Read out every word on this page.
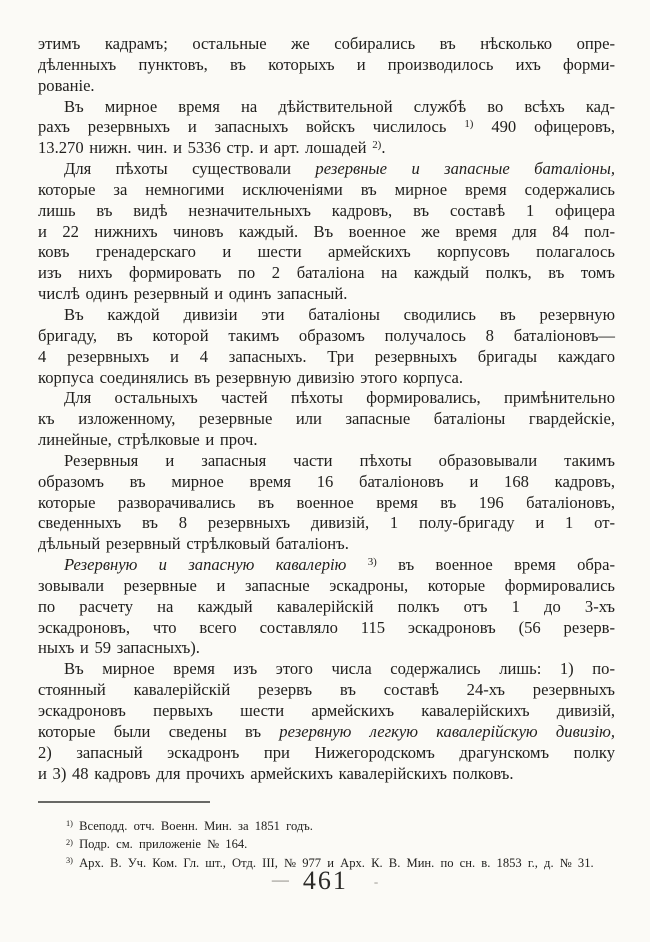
этимъ кадрамъ; остальные же собирались въ нѣсколько опре-
дѣленныхъ пунктовъ, въ которыхъ и производилось ихъ форми-
рованіе.
Въ мирное время на дѣйствительной службѣ во всѣхъ кад-
рахъ резервныхъ и запасныхъ войскъ числилось $^{1)}$ 490 офицеровъ,
13.270 нижн. чин. и 5336 стр. и арт. лошадей $^{2)}$.
Для пѣхоты существовали резервные и запасные баталіоны,
которые за немногими исключеніями въ мирное время содержались
лишь въ видѣ незначительныхъ кадровъ, въ составѣ 1 офицера
и 22 нижнихъ чиновъ каждый. Въ военное же время для 84 пол-
ковъ гренадерскаго и шести армейскихъ корпусовъ полагалось
изъ нихъ формировать по 2 баталіона на каждый полкъ, въ томъ
числѣ одинъ резервный и одинъ запасный.
Въ каждой дивизіи эти баталіоны сводились въ резервную
бригаду, въ которой такимъ образомъ получалось 8 баталіоновъ—
4 резервныхъ и 4 запасныхъ. Три резервныхъ бригады каждаго
корпуса соединялись въ резервную дивизію этого корпуса.
Для остальныхъ частей пѣхоты формировались, примѣнительно
къ изложенному, резервные или запасные баталіоны гвардейскіе,
линейные, стрѣлковые и проч.
Резервныя и запасныя части пѣхоты образовывали такимъ
образомъ въ мирное время 16 баталіоновъ и 168 кадровъ,
которые разворачивались въ военное время въ 196 баталіоновъ,
сведенныхъ въ 8 резервныхъ дивизій, 1 полу-бригаду и 1 от-
дѣльный резервный стрѣлковый баталіонъ.
Резервную и запасную кавалерію $^{3)}$ въ военное время обра-
зовывали резервные и запасные эскадроны, которые формировались
по расчету на каждый кавалерійскій полкъ отъ 1 до 3-хъ
эскадроновъ, что всего составляло 115 эскадроновъ (56 резерв-
ныхъ и 59 запасныхъ).
Въ мирное время изъ этого числа содержались лишь: 1) по-
стоянный кавалерійскій резервъ въ составѣ 24-хъ резервныхъ
эскадроновъ первыхъ шести армейскихъ кавалерійскихъ дивизій,
которые были сведены въ резервную легкую кавалерійскую дивизію,
2) запасный эскадронъ при Нижегородскомъ драгунскомъ полку
и 3) 48 кадровъ для прочихъ армейскихъ кавалерійскихъ полковъ.
$^{1)}$ Всеподд. отч. Военн. Мин. за 1851 годъ.
$^{2)}$ Подр. см. приложеніе № 164.
$^{3)}$ Арх. В. Уч. Ком. Гл. шт., Отд. III, № 977 и Арх. К. В. Мин. по сн. в. 1853 г., д. № 31.
— 461 -
